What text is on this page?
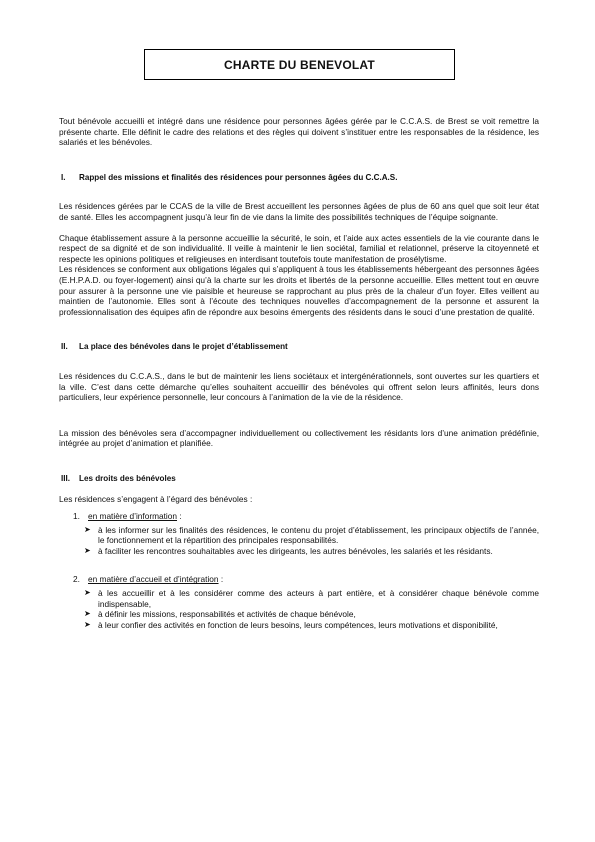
CHARTE DU BENEVOLAT

Tout bénévole accueilli et intégré dans une résidence pour personnes âgées gérée par le C.C.A.S. de Brest se voit remettre la présente charte. Elle définit le cadre des relations et des règles qui doivent s’instituer entre les responsables de la résidence, les salariés et les bénévoles.

I.	Rappel des missions et finalités des résidences pour personnes âgées du C.C.A.S.

Les résidences gérées par le CCAS de la ville de Brest accueillent les personnes âgées de plus de 60 ans quel que soit leur état de santé. Elles les accompagnent jusqu’à leur fin de vie dans la limite des possibilités techniques de l’équipe soignante.

Chaque établissement assure à la personne accueillie la sécurité, le soin, et l’aide aux actes essentiels de la vie courante dans le respect de sa dignité et de son individualité. Il veille à maintenir le lien sociétal, familial et relationnel, préserve la citoyenneté et respecte les opinions politiques et religieuses en interdisant toutefois toute manifestation de prosélytisme.

Les résidences se conforment aux obligations légales qui s’appliquent à tous les établissements hébergeant des personnes âgées (E.H.P.A.D. ou foyer-logement) ainsi qu’à la charte sur les droits et libertés de la personne accueillie. Elles mettent tout en œuvre pour assurer à la personne une vie paisible et heureuse se rapprochant au plus près de la chaleur d’un foyer. Elles veillent au maintien de l’autonomie. Elles sont à l’écoute des techniques nouvelles d’accompagnement de la personne et assurent la professionnalisation des équipes afin de répondre aux besoins émergents des résidents dans le souci d’une prestation de qualité.

II.	La place des bénévoles dans le projet d’établissement

Les résidences du C.C.A.S., dans le but de maintenir les liens sociétaux et intergénérationnels, sont ouvertes sur les quartiers et la ville. C’est dans cette démarche qu’elles souhaitent accueillir des bénévoles qui offrent selon leurs affinités, leurs dons particuliers, leur expérience personnelle, leur concours à l’animation de la vie de la résidence.

La mission des bénévoles sera d’accompagner individuellement ou collectivement les résidants lors d’une animation prédéfinie, intégrée au projet d’animation et planifiée.

III.	Les droits des bénévoles

Les résidences s’engagent à l’égard des bénévoles :

1. en matière d’information :
➤ à les informer sur les finalités des résidences, le contenu du projet d’établissement, les principaux objectifs de l’année, le fonctionnement et la répartition des principales responsabilités.

➤ à faciliter les rencontres souhaitables avec les dirigeants, les autres bénévoles, les salariés et les résidants.

2. en matière d’accueil et d’intégration :
➤ à les accueillir et à les considérer comme des acteurs à part entière, et à considérer chaque bénévole comme indispensable,

➤ à définir les missions, responsabilités et activités de chaque bénévole,

➤ à leur confier des activités en fonction de leurs besoins, leurs compétences, leurs motivations et disponibilité,
